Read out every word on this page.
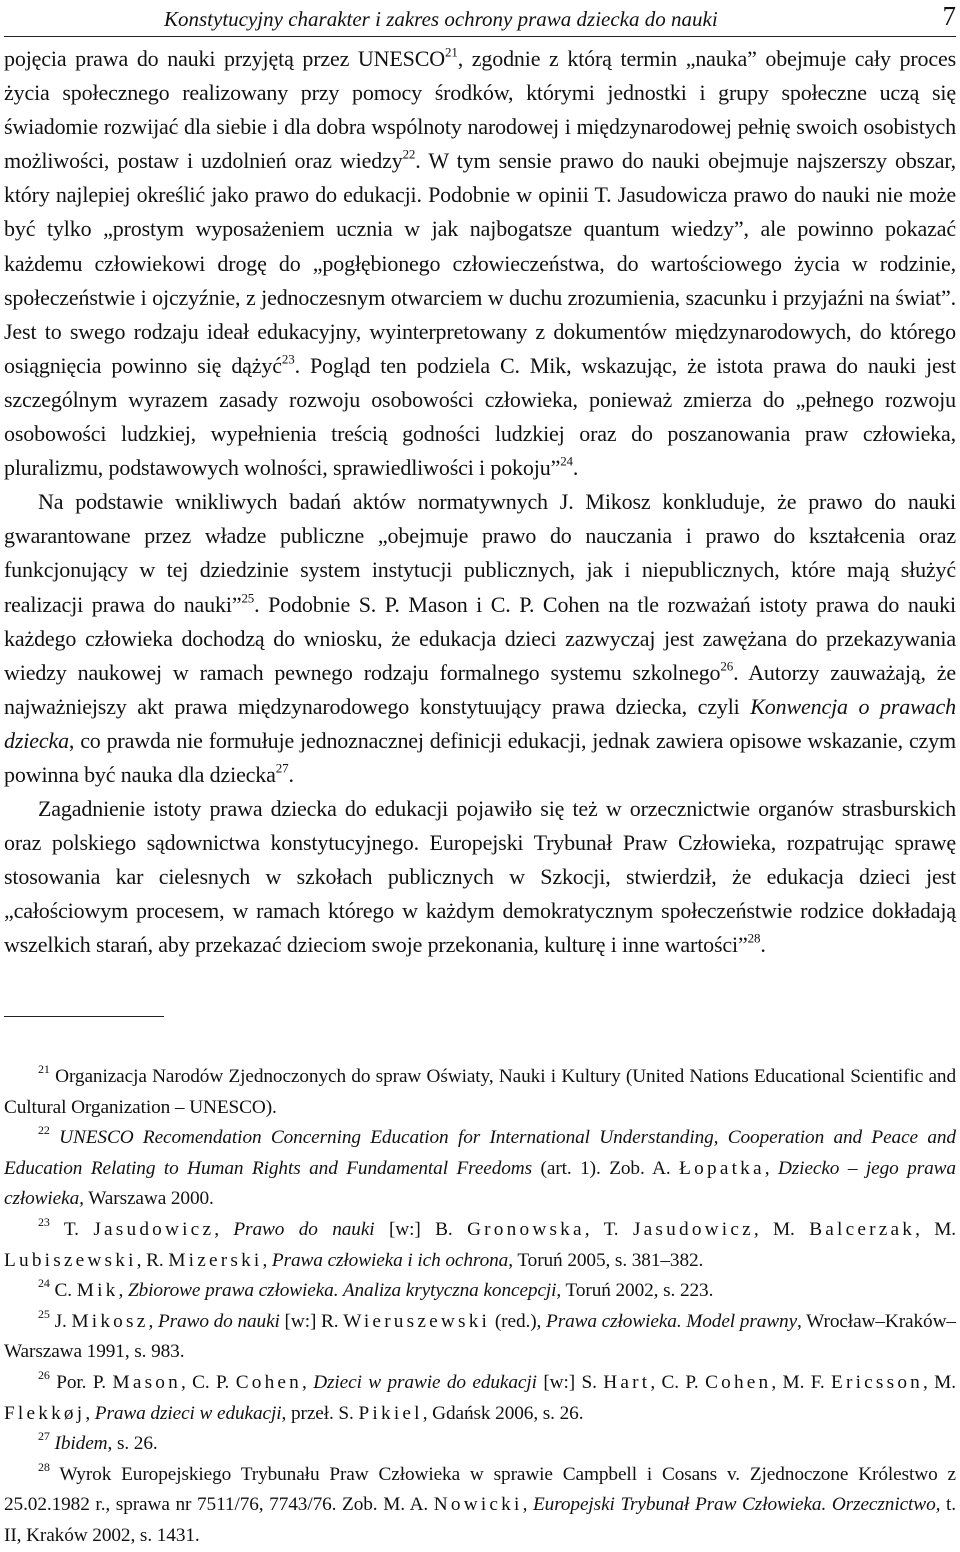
Konstytucyjny charakter i zakres ochrony prawa dziecka do nauki	7

pojęcia prawa do nauki przyjętą przez UNESCO$^{21}$, zgodnie z którą termin „nauka” obejmuje cały proces życia społecznego realizowany przy pomocy środków, którymi jednostki i grupy społeczne uczą się świadomie rozwijać dla siebie i dla dobra wspólnoty narodowej i międzynarodowej pełnię swoich osobistych możliwości, postaw i uzdolnień oraz wiedzy$^{22}$. W tym sensie prawo do nauki obejmuje najszerszy obszar, który najlepiej określić jako prawo do edukacji. Podobnie w opinii T. Jasudowicza prawo do nauki nie może być tylko „prostym wyposażeniem ucznia w jak najbogatsze quantum wiedzy”, ale powinno pokazać każdemu człowiekowi drogę do „pogłębionego człowieczeństwa, do wartościowego życia w rodzinie, społeczeństwie i ojczyźnie, z jednoczesnym otwarciem w duchu zrozumienia, szacunku i przyjaźni na świat”. Jest to swego rodzaju ideał edukacyjny, wyinterpretowany z dokumentów międzynarodowych, do którego osiągnięcia powinno się dążyć$^{23}$. Pogląd ten podziela C. Mik, wskazując, że istota prawa do nauki jest szczególnym wyrazem zasady rozwoju osobowości człowieka, ponieważ zmierza do „pełnego rozwoju osobowości ludzkiej, wypełnienia treścią godności ludzkiej oraz do poszanowania praw człowieka, pluralizmu, podstawowych wolności, sprawiedliwości i pokoju”$^{24}$.

Na podstawie wnikliwych badań aktów normatywnych J. Mikosz konkluduje, że prawo do nauki gwarantowane przez władze publiczne „obejmuje prawo do nauczania i prawo do kształcenia oraz funkcjonujący w tej dziedzinie system instytucji publicznych, jak i niepublicznych, które mają służyć realizacji prawa do nauki”$^{25}$. Podobnie S. P. Mason i C. P. Cohen na tle rozważań istoty prawa do nauki każdego człowieka dochodzą do wniosku, że edukacja dzieci zazwyczaj jest zawężana do przekazywania wiedzy naukowej w ramach pewnego rodzaju formalnego systemu szkolnego$^{26}$. Autorzy zauważają, że najważniejszy akt prawa międzynarodowego konstytuujący prawa dziecka, czyli Konwencja o prawach dziecka, co prawda nie formułuje jednoznacznej definicji edukacji, jednak zawiera opisowe wskazanie, czym powinna być nauka dla dziecka$^{27}$.

Zagadnienie istoty prawa dziecka do edukacji pojawiło się też w orzecznictwie organów strasburskich oraz polskiego sądownictwa konstytucyjnego. Europejski Trybunał Praw Człowieka, rozpatrując sprawę stosowania kar cielesnych w szkołach publicznych w Szkocji, stwierdził, że edukacja dzieci jest „całościowym procesem, w ramach którego w każdym demokratycznym społeczeństwie rodzice dokładają wszelkich starań, aby przekazać dzieciom swoje przekonania, kulturę i inne wartości”$^{28}$.

$^{21}$ Organizacja Narodów Zjednoczonych do spraw Oświaty, Nauki i Kultury (United Nations Educational Scientific and Cultural Organization – UNESCO).

$^{22}$ UNESCO Recomendation Concerning Education for International Understanding, Cooperation and Peace and Education Relating to Human Rights and Fundamental Freedoms (art. 1). Zob. A. Łopatka, Dziecko – jego prawa człowieka, Warszawa 2000.

$^{23}$ T. Jasudowicz, Prawo do nauki [w:] B. Gronowska, T. Jasudowicz, M. Balcerzak, M. Lubiszewski, R. Mizerski, Prawa człowieka i ich ochrona, Toruń 2005, s. 381–382.

$^{24}$ C. Mik, Zbiorowe prawa człowieka. Analiza krytyczna koncepcji, Toruń 2002, s. 223.

$^{25}$ J. Mikosz, Prawo do nauki [w:] R. Wieruszewski (red.), Prawa człowieka. Model prawny, Wrocław–Kraków–Warszawa 1991, s. 983.

$^{26}$ Por. P. Mason, C. P. Cohen, Dzieci w prawie do edukacji [w:] S. Hart, C. P. Cohen, M. F. Ericsson, M. Flekkøj, Prawa dzieci w edukacji, przeł. S. Pikiel, Gdańsk 2006, s. 26.

$^{27}$ Ibidem, s. 26.

$^{28}$ Wyrok Europejskiego Trybunału Praw Człowieka w sprawie Campbell i Cosans v. Zjednoczone Królestwo z 25.02.1982 r., sprawa nr 7511/76, 7743/76. Zob. M. A. Nowicki, Europejski Trybunał Praw Człowieka. Orzecznictwo, t. II, Kraków 2002, s. 1431.
